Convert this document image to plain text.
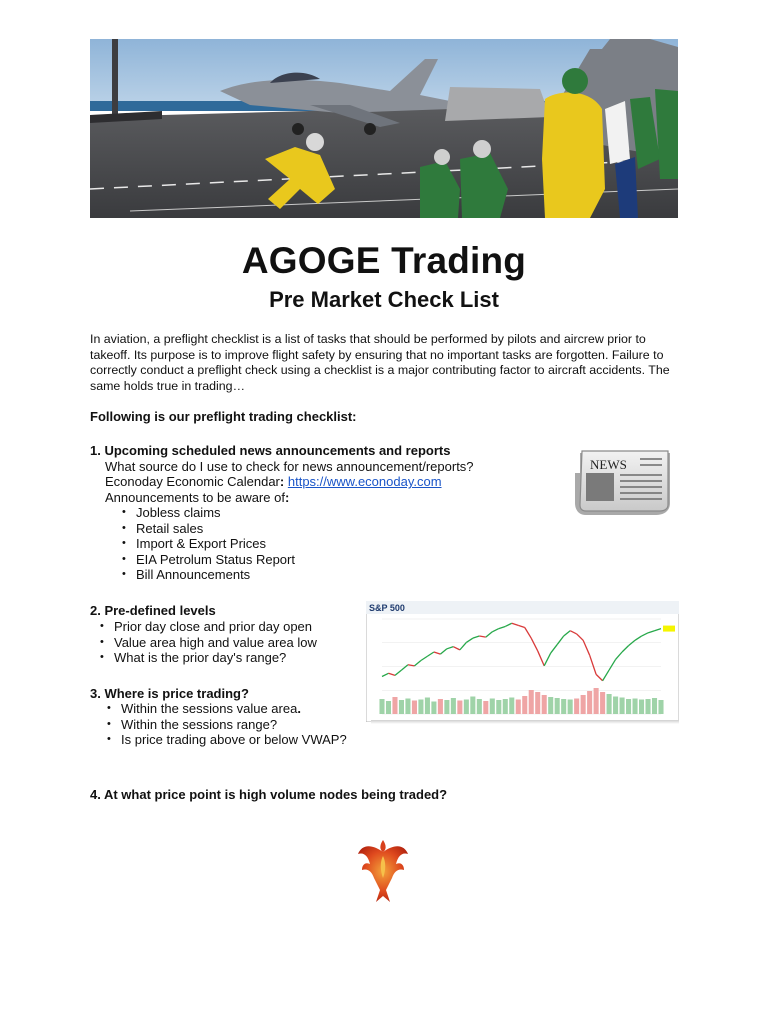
AGOGE Trading
Pre Market Check List
In aviation, a preflight checklist is a list of tasks that should be performed by pilots and aircrew prior to takeoff. Its purpose is to improve flight safety by ensuring that no important tasks are forgotten. Failure to correctly conduct a preflight check using a checklist is a major contributing factor to aircraft accidents. The same holds true in trading…
Following is our preflight trading checklist:
1. Upcoming scheduled news announcements and reports
What source do I use to check for news announcement/reports?
Econoday Economic Calendar: https://www.econoday.com
Announcements to be aware of:
• Jobless claims
• Retail sales
• Import & Export Prices
• EIA Petrolum Status Report
• Bill Announcements
NEWS
2. Pre-defined levels
• Prior day close and prior day open
• Value area high and value area low
• What is the prior day's range?
3. Where is price trading?
• Within the sessions value area.
• Within the sessions range?
• Is price trading above or below VWAP?
4. At what price point is high volume nodes being traded?
S&P 500
